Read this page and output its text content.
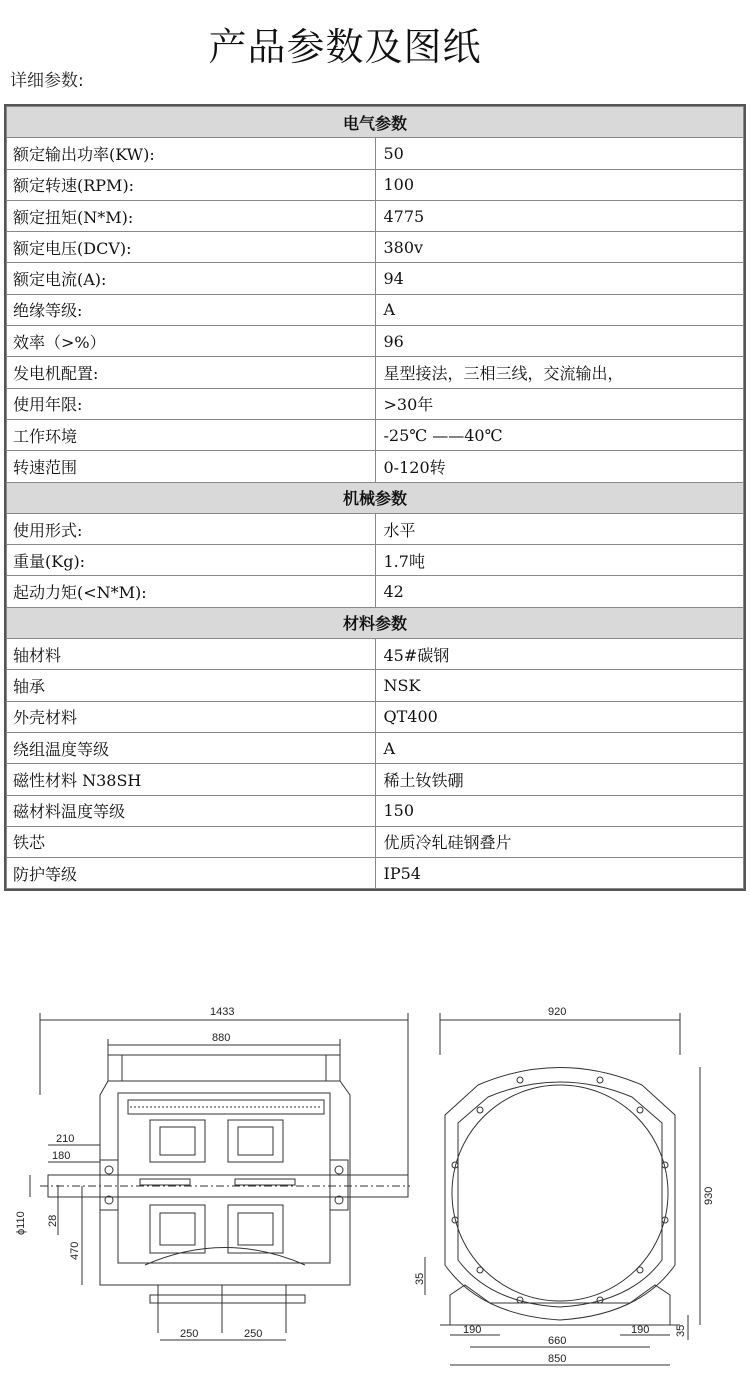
产品参数及图纸
详细参数:
电气参数	
额定输出功率(KW):	50
额定转速(RPM):	100
额定扭矩(N*M):	4775
额定电压(DCV):	380v
额定电流(A):	94
绝缘等级:	A
效率（>%）	96
发电机配置:	星型接法，三相三线，交流输出，
使用年限:	>30年
工作环境	-25℃ ——40℃
转速范围	0-120转
机械参数	
使用形式:	水平
重量(Kg):	1.7吨
起动力矩(<N*M):	42
材料参数	
轴材料	45#碳钢
轴承	NSK
外壳材料	QT400
绕组温度等级	A
磁性材料 N38SH	稀土钕铁硼
磁材料温度等级	150
铁芯	优质冷轧硅钢叠片
防护等级	IP54
1433
880
210
180
ϕ110 28
470
250	250
920
930
35
35
190	190
660
850
